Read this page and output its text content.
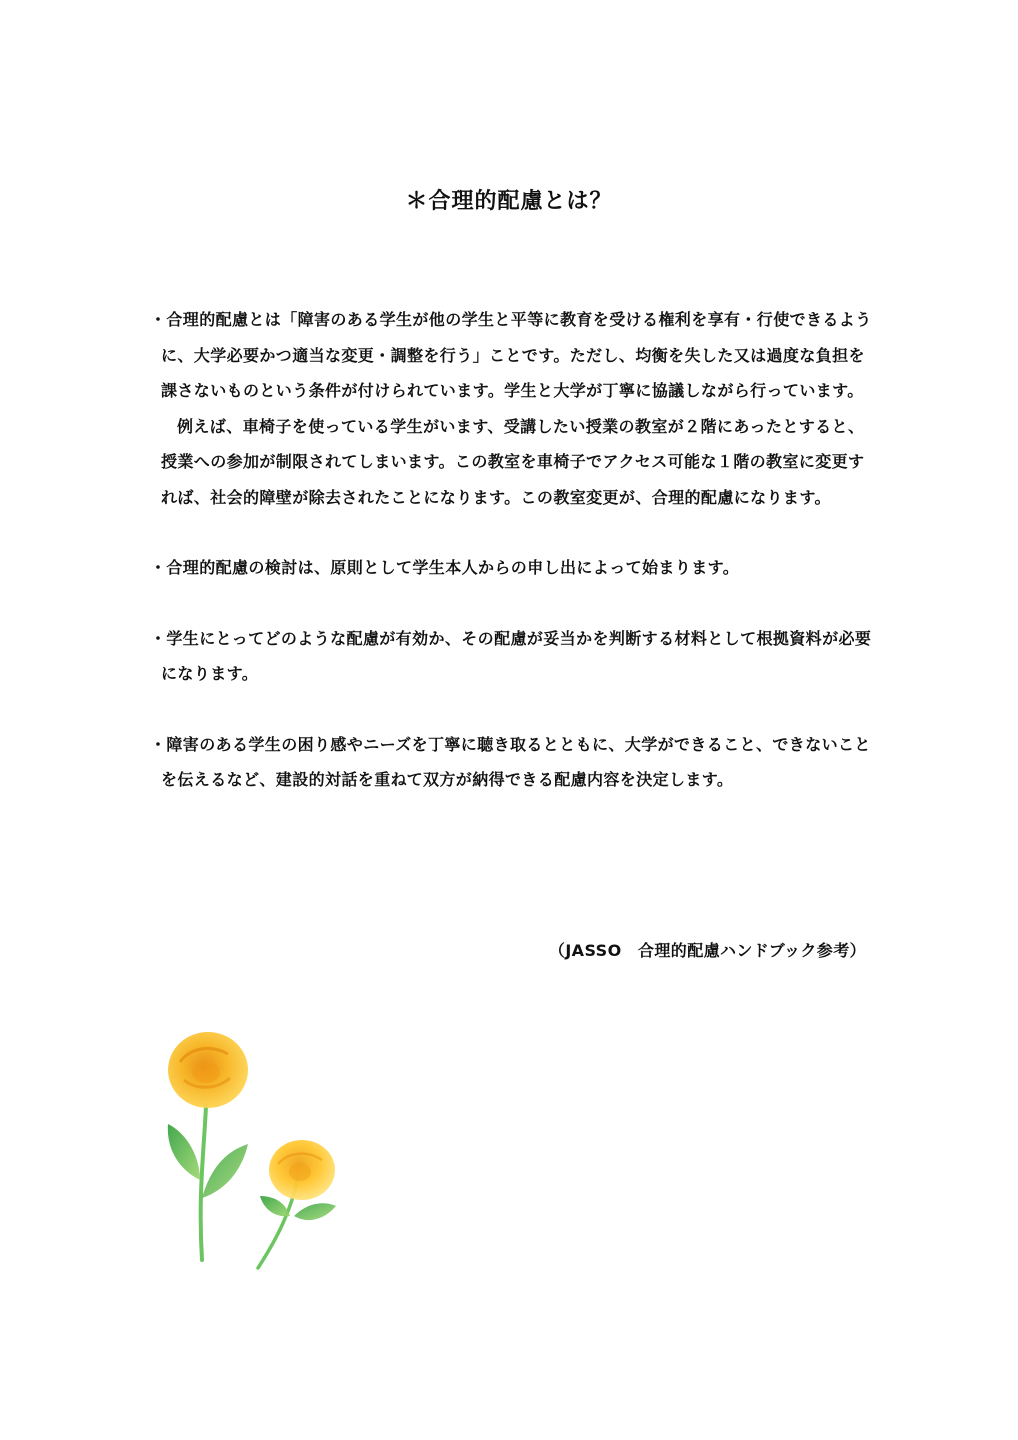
＊合理的配慮とは？

・合理的配慮とは「障害のある学生が他の学生と平等に教育を受ける権利を享有・行使できるように、大学必要かつ適当な変更・調整を行う」ことです。ただし、均衡を失した又は過度な負担を課さないものという条件が付けられています。学生と大学が丁寧に協議しながら行っています。

例えば、車椅子を使っている学生がいます、受講したい授業の教室が２階にあったとすると、授業への参加が制限されてしまいます。この教室を車椅子でアクセス可能な１階の教室に変更すれば、社会的障壁が除去されたことになります。この教室変更が、合理的配慮になります。

・合理的配慮の検討は、原則として学生本人からの申し出によって始まります。

・学生にとってどのような配慮が有効か、その配慮が妥当かを判断する材料として根拠資料が必要になります。

・障害のある学生の困り感やニーズを丁寧に聴き取るとともに、大学ができること、できないことを伝えるなど、建設的対話を重ねて双方が納得できる配慮内容を決定します。

（JASSO　合理的配慮ハンドブック参考）
